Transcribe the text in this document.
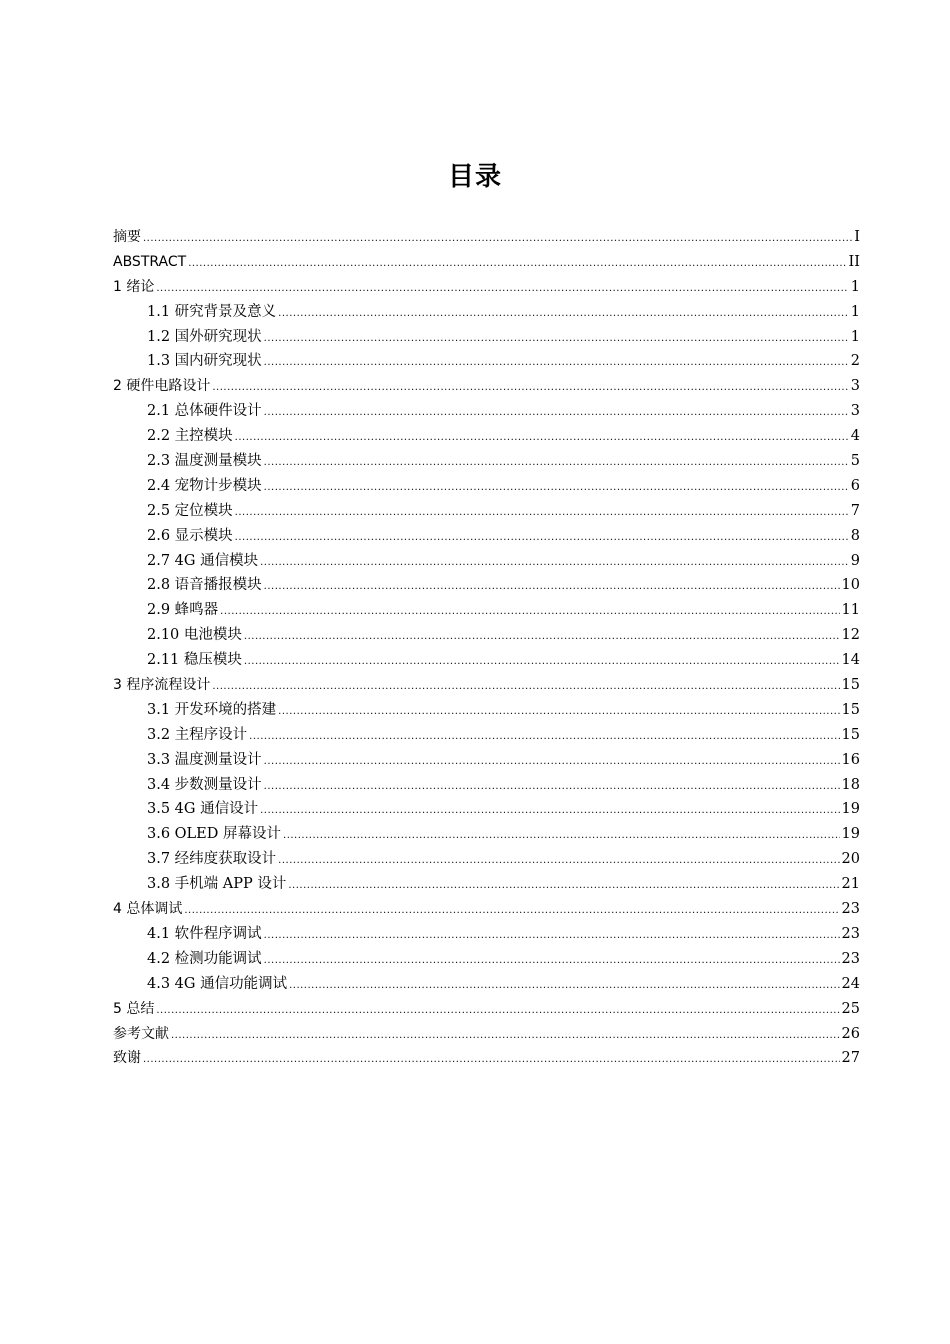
目录
摘要 .....	I
ABSTRACT .....	II
1 绪论 .....	1
1.1 研究背景及意义 .....	1
1.2 国外研究现状 .....	1
1.3 国内研究现状 .....	2
2 硬件电路设计 .....	3
2.1 总体硬件设计 .....	3
2.2 主控模块 .....	4
2.3 温度测量模块 .....	5
2.4 宠物计步模块 .....	6
2.5 定位模块 .....	7
2.6 显示模块 .....	8
2.7 4G 通信模块 .....	9
2.8 语音播报模块 .....	10
2.9 蜂鸣器 .....	11
2.10 电池模块 .....	12
2.11 稳压模块 .....	14
3 程序流程设计 .....	15
3.1 开发环境的搭建 .....	15
3.2 主程序设计 .....	15
3.3 温度测量设计 .....	16
3.4 步数测量设计 .....	18
3.5 4G 通信设计 .....	19
3.6 OLED 屏幕设计 .....	19
3.7 经纬度获取设计 .....	20
3.8 手机端 APP 设计 .....	21
4 总体调试 .....	23
4.1 软件程序调试 .....	23
4.2 检测功能调试 .....	23
4.3 4G 通信功能调试 .....	24
5 总结 .....	25
参考文献 .....	26
致谢 .....	27
